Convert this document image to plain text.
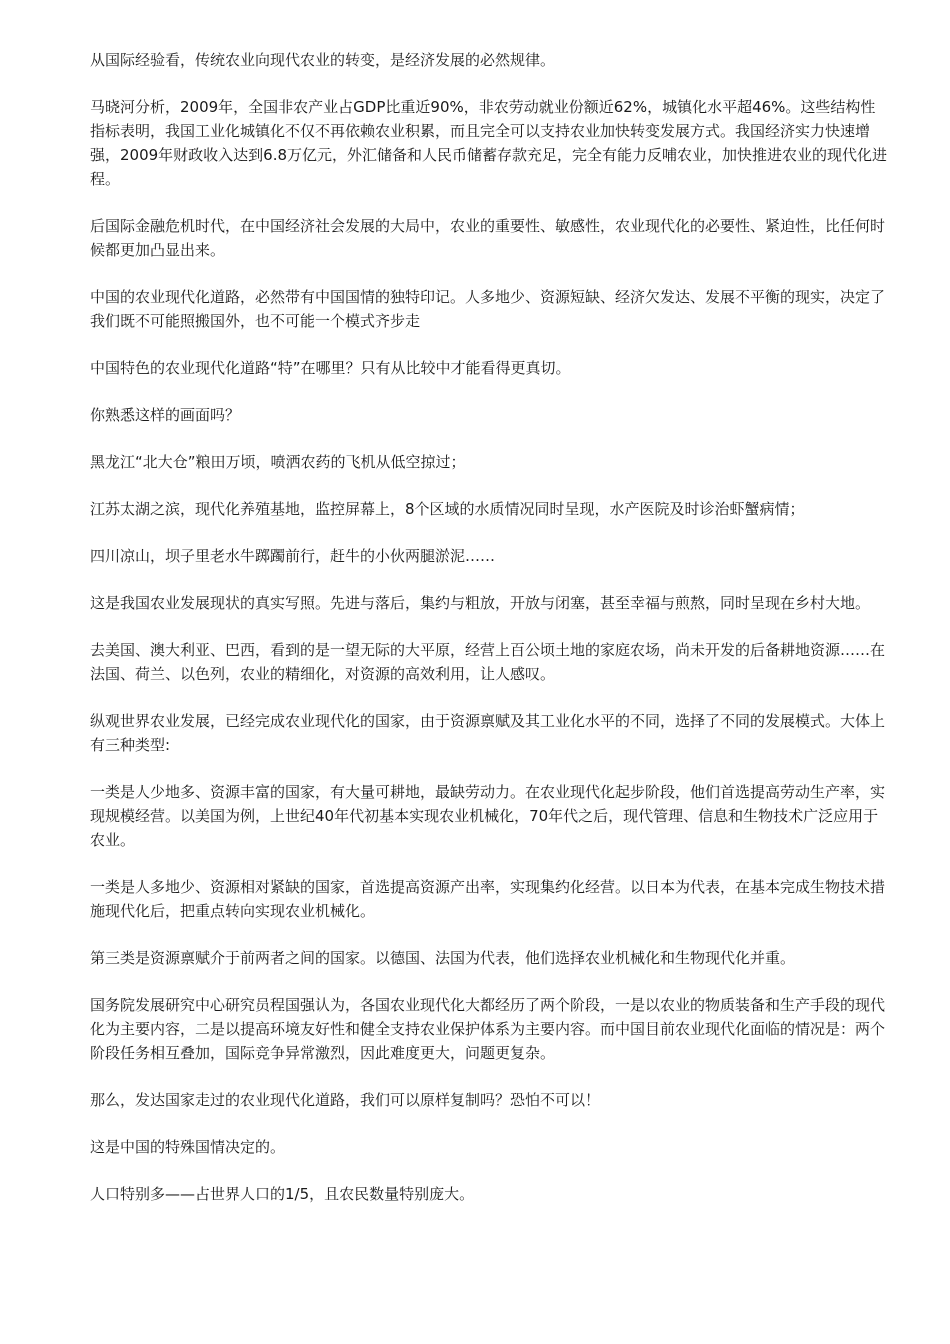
从国际经验看，传统农业向现代农业的转变，是经济发展的必然规律。

马晓河分析，2009年，全国非农产业占GDP比重近90%，非农劳动就业份额近62%，城镇化水平超46%。这些结构性指标表明，我国工业化城镇化不仅不再依赖农业积累，而且完全可以支持农业加快转变发展方式。我国经济实力快速增强，2009年财政收入达到6.8万亿元，外汇储备和人民币储蓄存款充足，完全有能力反哺农业，加快推进农业的现代化进程。

后国际金融危机时代，在中国经济社会发展的大局中，农业的重要性、敏感性，农业现代化的必要性、紧迫性，比任何时候都更加凸显出来。

中国的农业现代化道路，必然带有中国国情的独特印记。人多地少、资源短缺、经济欠发达、发展不平衡的现实，决定了我们既不可能照搬国外，也不可能一个模式齐步走

中国特色的农业现代化道路“特”在哪里？只有从比较中才能看得更真切。

你熟悉这样的画面吗？

黑龙江“北大仓”粮田万顷，喷洒农药的飞机从低空掠过；

江苏太湖之滨，现代化养殖基地，监控屏幕上，8个区域的水质情况同时呈现，水产医院及时诊治虾蟹病情；

四川凉山，坝子里老水牛踯躅前行，赶牛的小伙两腿淤泥……

这是我国农业发展现状的真实写照。先进与落后，集约与粗放，开放与闭塞，甚至幸福与煎熬，同时呈现在乡村大地。

去美国、澳大利亚、巴西，看到的是一望无际的大平原，经营上百公顷土地的家庭农场，尚未开发的后备耕地资源……在法国、荷兰、以色列，农业的精细化，对资源的高效利用，让人感叹。

纵观世界农业发展，已经完成农业现代化的国家，由于资源禀赋及其工业化水平的不同，选择了不同的发展模式。大体上有三种类型:

一类是人少地多、资源丰富的国家，有大量可耕地，最缺劳动力。在农业现代化起步阶段，他们首选提高劳动生产率，实现规模经营。以美国为例，上世纪40年代初基本实现农业机械化，70年代之后，现代管理、信息和生物技术广泛应用于农业。

一类是人多地少、资源相对紧缺的国家，首选提高资源产出率，实现集约化经营。以日本为代表，在基本完成生物技术措施现代化后，把重点转向实现农业机械化。

第三类是资源禀赋介于前两者之间的国家。以德国、法国为代表，他们选择农业机械化和生物现代化并重。

国务院发展研究中心研究员程国强认为，各国农业现代化大都经历了两个阶段，一是以农业的物质装备和生产手段的现代化为主要内容，二是以提高环境友好性和健全支持农业保护体系为主要内容。而中国目前农业现代化面临的情况是：两个阶段任务相互叠加，国际竞争异常激烈，因此难度更大，问题更复杂。

那么，发达国家走过的农业现代化道路，我们可以原样复制吗？恐怕不可以！

这是中国的特殊国情决定的。

人口特别多——占世界人口的1/5，且农民数量特别庞大。
